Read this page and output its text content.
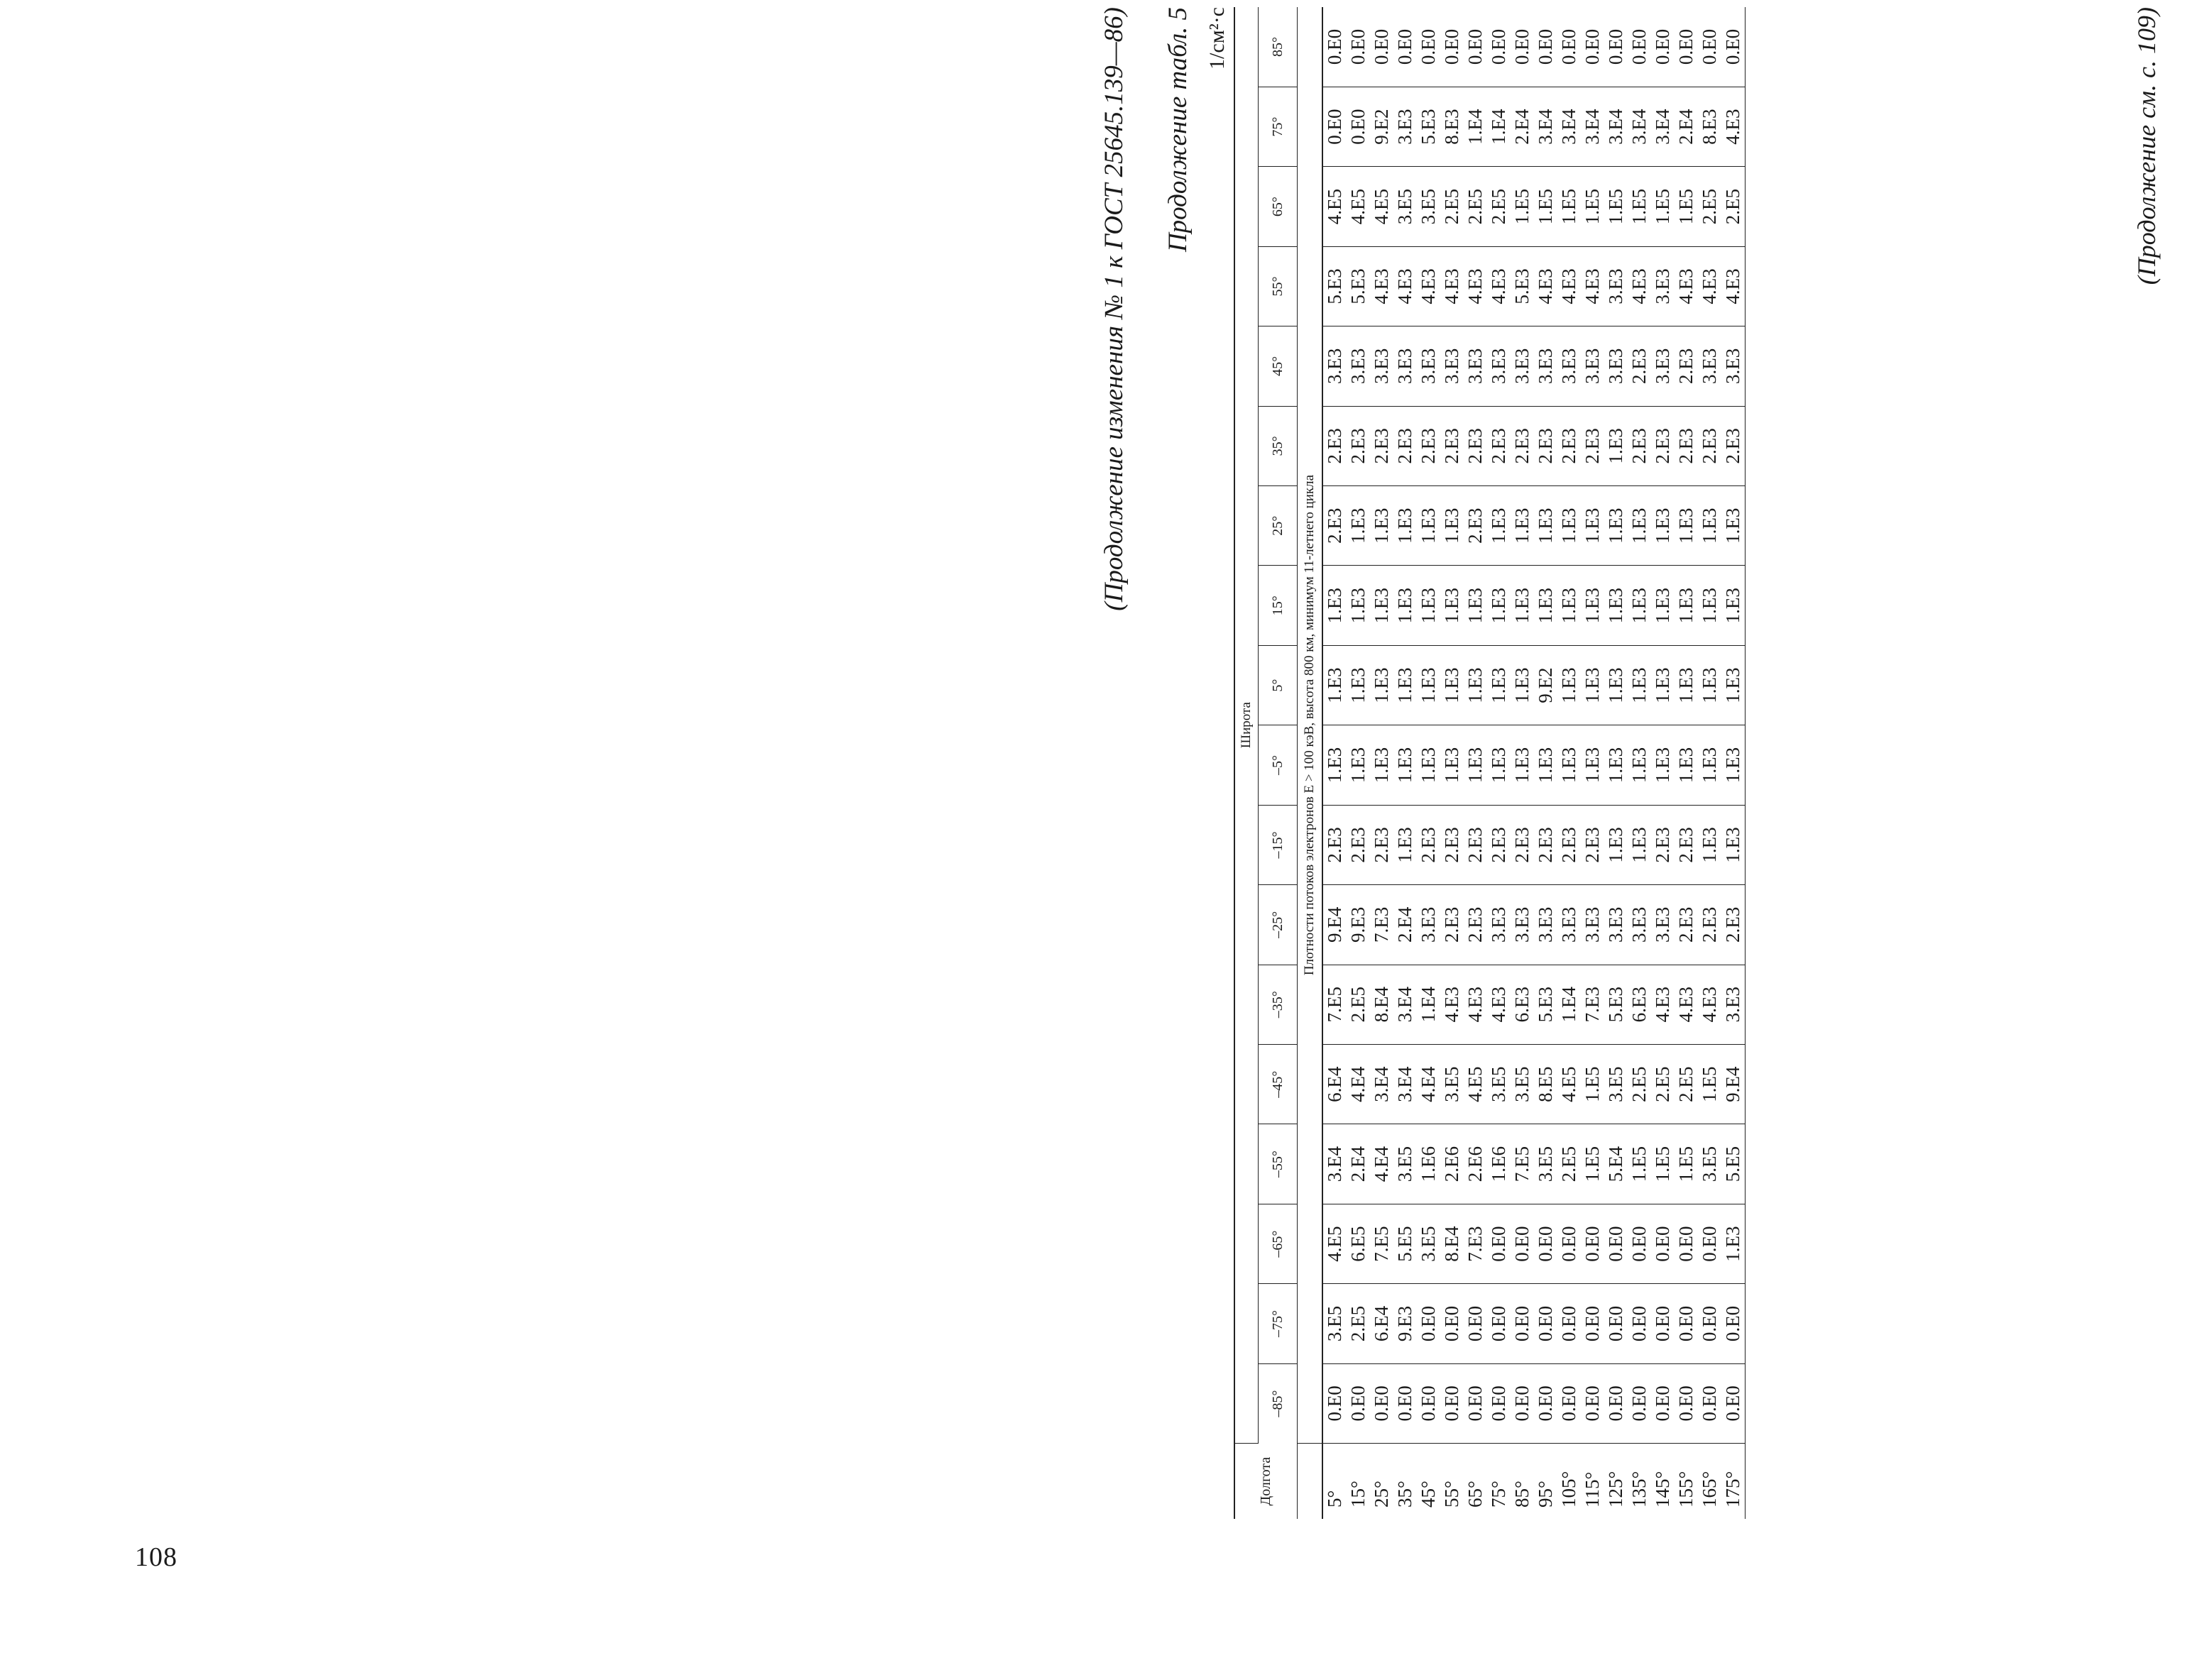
108
(Продолжение изменения № 1 к ГОСТ 25645.139—86) Продолжение табл. 5 1/см²·с
Долгота	Широта																	
	–85°	–75°	–65°	–55°	–45°	–35°	–25°	–15°	–5°	5°	15°	25°	35°	45°	55°	65°	75°	85°
	Плотности потоков электронов E > 100 кэВ, высота 800 км, минимум 11-летнего цикла																	
5°	0.E0	3.E5	4.E5	3.E4	6.E4	7.E5	9.E4	2.E3	1.E3	1.E3	1.E3	2.E3	2.E3	3.E3	5.E3	4.E5	0.E0	0.E0
15°	0.E0	2.E5	6.E5	2.E4	4.E4	2.E5	9.E3	2.E3	1.E3	1.E3	1.E3	1.E3	2.E3	3.E3	5.E3	4.E5	0.E0	0.E0
25°	0.E0	6.E4	7.E5	4.E4	3.E4	8.E4	7.E3	2.E3	1.E3	1.E3	1.E3	1.E3	2.E3	3.E3	4.E3	4.E5	9.E2	0.E0
35°	0.E0	9.E3	5.E5	3.E5	3.E4	3.E4	2.E4	1.E3	1.E3	1.E3	1.E3	1.E3	2.E3	3.E3	4.E3	3.E5	3.E3	0.E0
45°	0.E0	0.E0	3.E5	1.E6	4.E4	1.E4	3.E3	2.E3	1.E3	1.E3	1.E3	1.E3	2.E3	3.E3	4.E3	3.E5	5.E3	0.E0
55°	0.E0	0.E0	8.E4	2.E6	3.E5	4.E3	2.E3	2.E3	1.E3	1.E3	1.E3	1.E3	2.E3	3.E3	4.E3	2.E5	8.E3	0.E0
65°	0.E0	0.E0	7.E3	2.E6	4.E5	4.E3	2.E3	2.E3	1.E3	1.E3	1.E3	2.E3	2.E3	3.E3	4.E3	2.E5	1.E4	0.E0
75°	0.E0	0.E0	0.E0	1.E6	3.E5	4.E3	3.E3	2.E3	1.E3	1.E3	1.E3	1.E3	2.E3	3.E3	4.E3	2.E5	1.E4	0.E0
85°	0.E0	0.E0	0.E0	7.E5	3.E5	6.E3	3.E3	2.E3	1.E3	1.E3	1.E3	1.E3	2.E3	3.E3	5.E3	1.E5	2.E4	0.E0
95°	0.E0	0.E0	0.E0	3.E5	8.E5	5.E3	3.E3	2.E3	1.E3	9.E2	1.E3	1.E3	2.E3	3.E3	4.E3	1.E5	3.E4	0.E0
105°	0.E0	0.E0	0.E0	2.E5	4.E5	1.E4	3.E3	2.E3	1.E3	1.E3	1.E3	1.E3	2.E3	3.E3	4.E3	1.E5	3.E4	0.E0
115°	0.E0	0.E0	0.E0	1.E5	1.E5	7.E3	3.E3	2.E3	1.E3	1.E3	1.E3	1.E3	2.E3	3.E3	4.E3	1.E5	3.E4	0.E0
125°	0.E0	0.E0	0.E0	5.E4	3.E5	5.E3	3.E3	1.E3	1.E3	1.E3	1.E3	1.E3	1.E3	3.E3	3.E3	1.E5	3.E4	0.E0
135°	0.E0	0.E0	0.E0	1.E5	2.E5	6.E3	3.E3	1.E3	1.E3	1.E3	1.E3	1.E3	2.E3	2.E3	4.E3	1.E5	3.E4	0.E0
145°	0.E0	0.E0	0.E0	1.E5	2.E5	4.E3	3.E3	2.E3	1.E3	1.E3	1.E3	1.E3	2.E3	3.E3	3.E3	1.E5	3.E4	0.E0
155°	0.E0	0.E0	0.E0	1.E5	2.E5	4.E3	2.E3	2.E3	1.E3	1.E3	1.E3	1.E3	2.E3	2.E3	4.E3	1.E5	2.E4	0.E0
165°	0.E0	0.E0	0.E0	3.E5	1.E5	4.E3	2.E3	1.E3	1.E3	1.E3	1.E3	1.E3	2.E3	3.E3	4.E3	2.E5	8.E3	0.E0
175°	0.E0	0.E0	1.E3	5.E5	9.E4	3.E3	2.E3	1.E3	1.E3	1.E3	1.E3	1.E3	2.E3	3.E3	4.E3	2.E5	4.E3	0.E0	(Продолжение см. с. 109)
